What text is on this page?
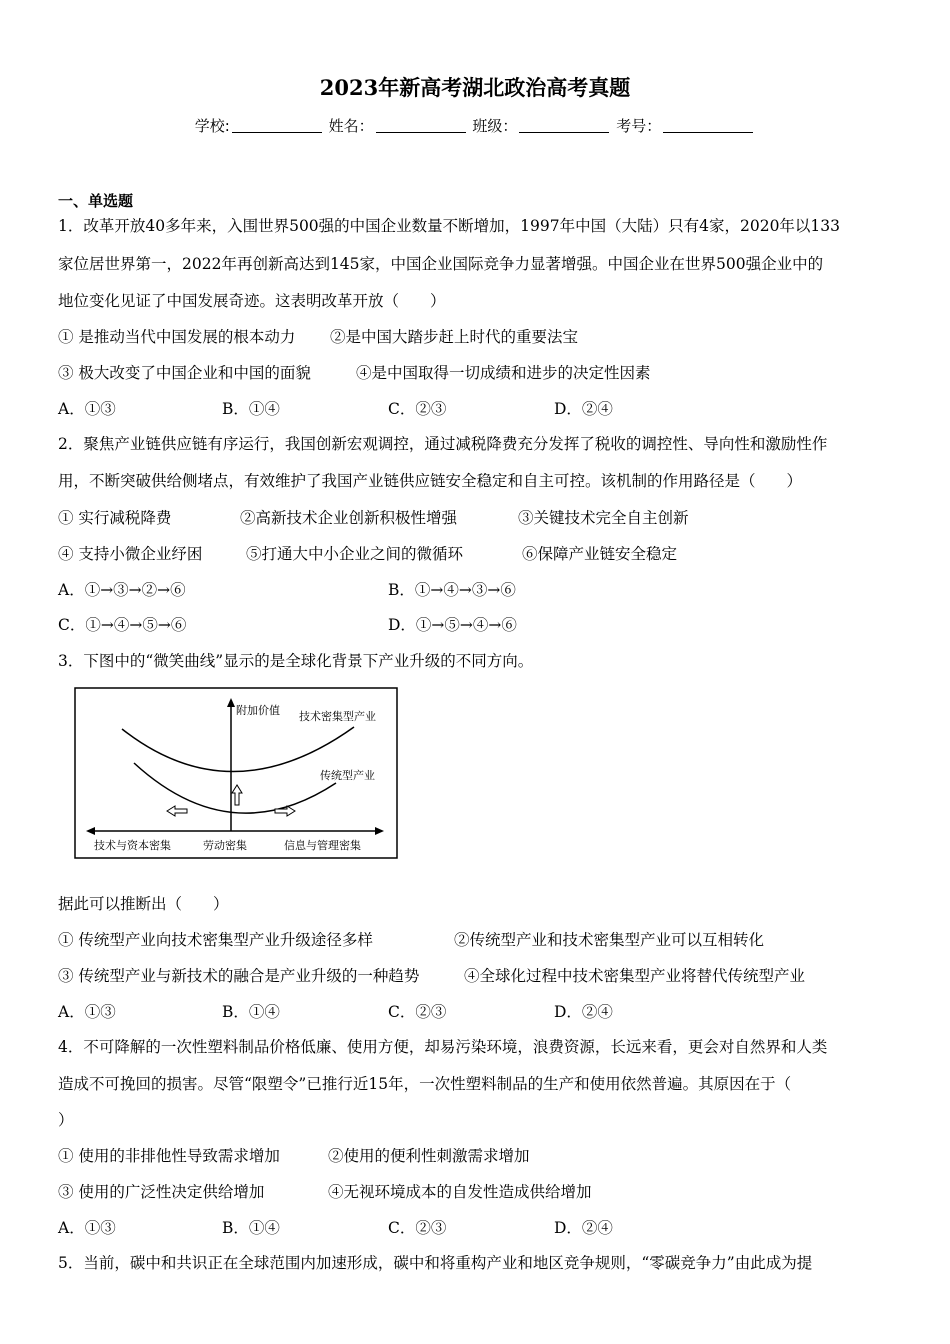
2023年新高考湖北政治高考真题
学校:	姓名：	班级：	考号：
一、单选题
1．改革开放40多年来，入围世界500强的中国企业数量不断增加，1997年中国（大陆）只有4家，2020年以133
家位居世界第一，2022年再创新高达到145家，中国企业国际竞争力显著增强。中国企业在世界500强企业中的
地位变化见证了中国发展奇迹。这表明改革开放（　　）
① 是推动当代中国发展的根本动力 ②是中国大踏步赶上时代的重要法宝
③ 极大改变了中国企业和中国的面貌	④是中国取得一切成绩和进步的决定性因素
A．①③	B．①④	C．②③	D．②④
2．聚焦产业链供应链有序运行，我国创新宏观调控，通过减税降费充分发挥了税收的调控性、导向性和激励性作
用，不断突破供给侧堵点，有效维护了我国产业链供应链安全稳定和自主可控。该机制的作用路径是（　　）
① 实行减税降费	②高新技术企业创新积极性增强	③关键技术完全自主创新
④ 支持小微企业纾困	⑤打通大中小企业之间的微循环	⑥保障产业链安全稳定
A．①→③→②→⑥	B．①→④→③→⑥
C．①→④→⑤→⑥	D．①→⑤→④→⑥
3．下图中的“微笑曲线”显示的是全球化背景下产业升级的不同方向。
附加价值 技术密集型产业
传统型产业
技术与资本密集	劳动密集	信息与管理密集
据此可以推断出（　　）
① 传统型产业向技术密集型产业升级途径多样	②传统型产业和技术密集型产业可以互相转化
③ 传统型产业与新技术的融合是产业升级的一种趋势	④全球化过程中技术密集型产业将替代传统型产业
A．①③	B．①④	C．②③	D．②④
4．不可降解的一次性塑料制品价格低廉、使用方便，却易污染环境，浪费资源，长远来看，更会对自然界和人类
造成不可挽回的损害。尽管“限塑令”已推行近15年，一次性塑料制品的生产和使用依然普遍。其原因在于（
）
① 使用的非排他性导致需求增加	②使用的便利性刺激需求增加
③ 使用的广泛性决定供给增加	④无视环境成本的自发性造成供给增加
A．①③	B．①④	C．②③	D．②④
5．当前，碳中和共识正在全球范围内加速形成，碳中和将重构产业和地区竞争规则，“零碳竞争力”由此成为提
